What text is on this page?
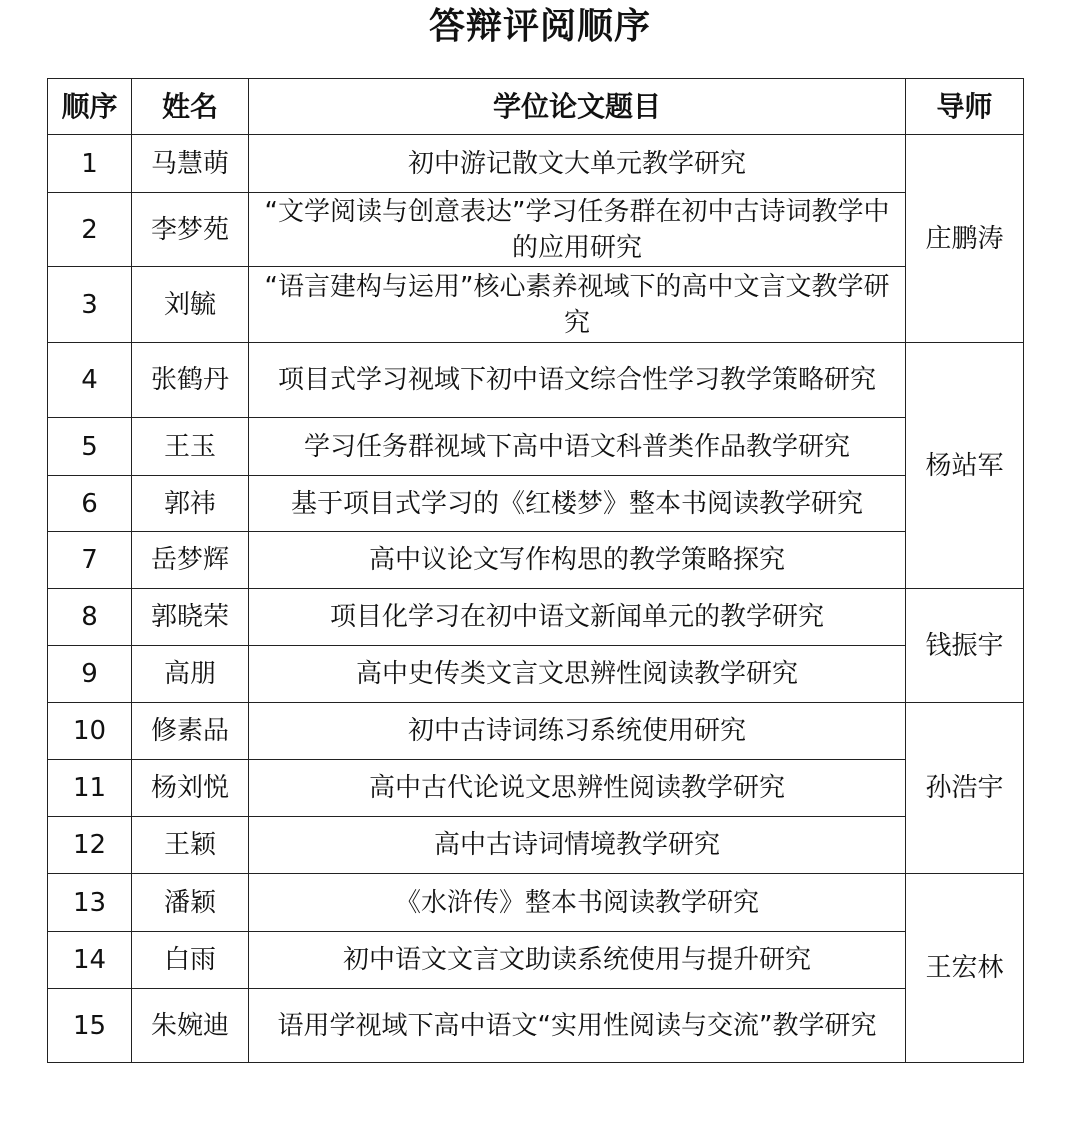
答辩评阅顺序
顺序	姓名	学位论文题目	导师
1	马慧萌	初中游记散文大单元教学研究	庄鹏涛
2	李梦苑	“文学阅读与创意表达”学习任务群在初中古诗词教学中的应用研究	
3	刘毓	“语言建构与运用”核心素养视域下的高中文言文教学研究	
4	张鹤丹	项目式学习视域下初中语文综合性学习教学策略研究	杨站军
5	王玉	学习任务群视域下高中语文科普类作品教学研究	
6	郭祎	基于项目式学习的《红楼梦》整本书阅读教学研究	
7	岳梦辉	高中议论文写作构思的教学策略探究	
8	郭晓荣	项目化学习在初中语文新闻单元的教学研究	钱振宇
9	高朋	高中史传类文言文思辨性阅读教学研究	
10	修素品	初中古诗词练习系统使用研究	孙浩宇
11	杨刘悦	高中古代论说文思辨性阅读教学研究	
12	王颖	高中古诗词情境教学研究	
13	潘颖	《水浒传》整本书阅读教学研究	王宏林
14	白雨	初中语文文言文助读系统使用与提升研究	
15	朱婉迪	语用学视域下高中语文“实用性阅读与交流”教学研究	
